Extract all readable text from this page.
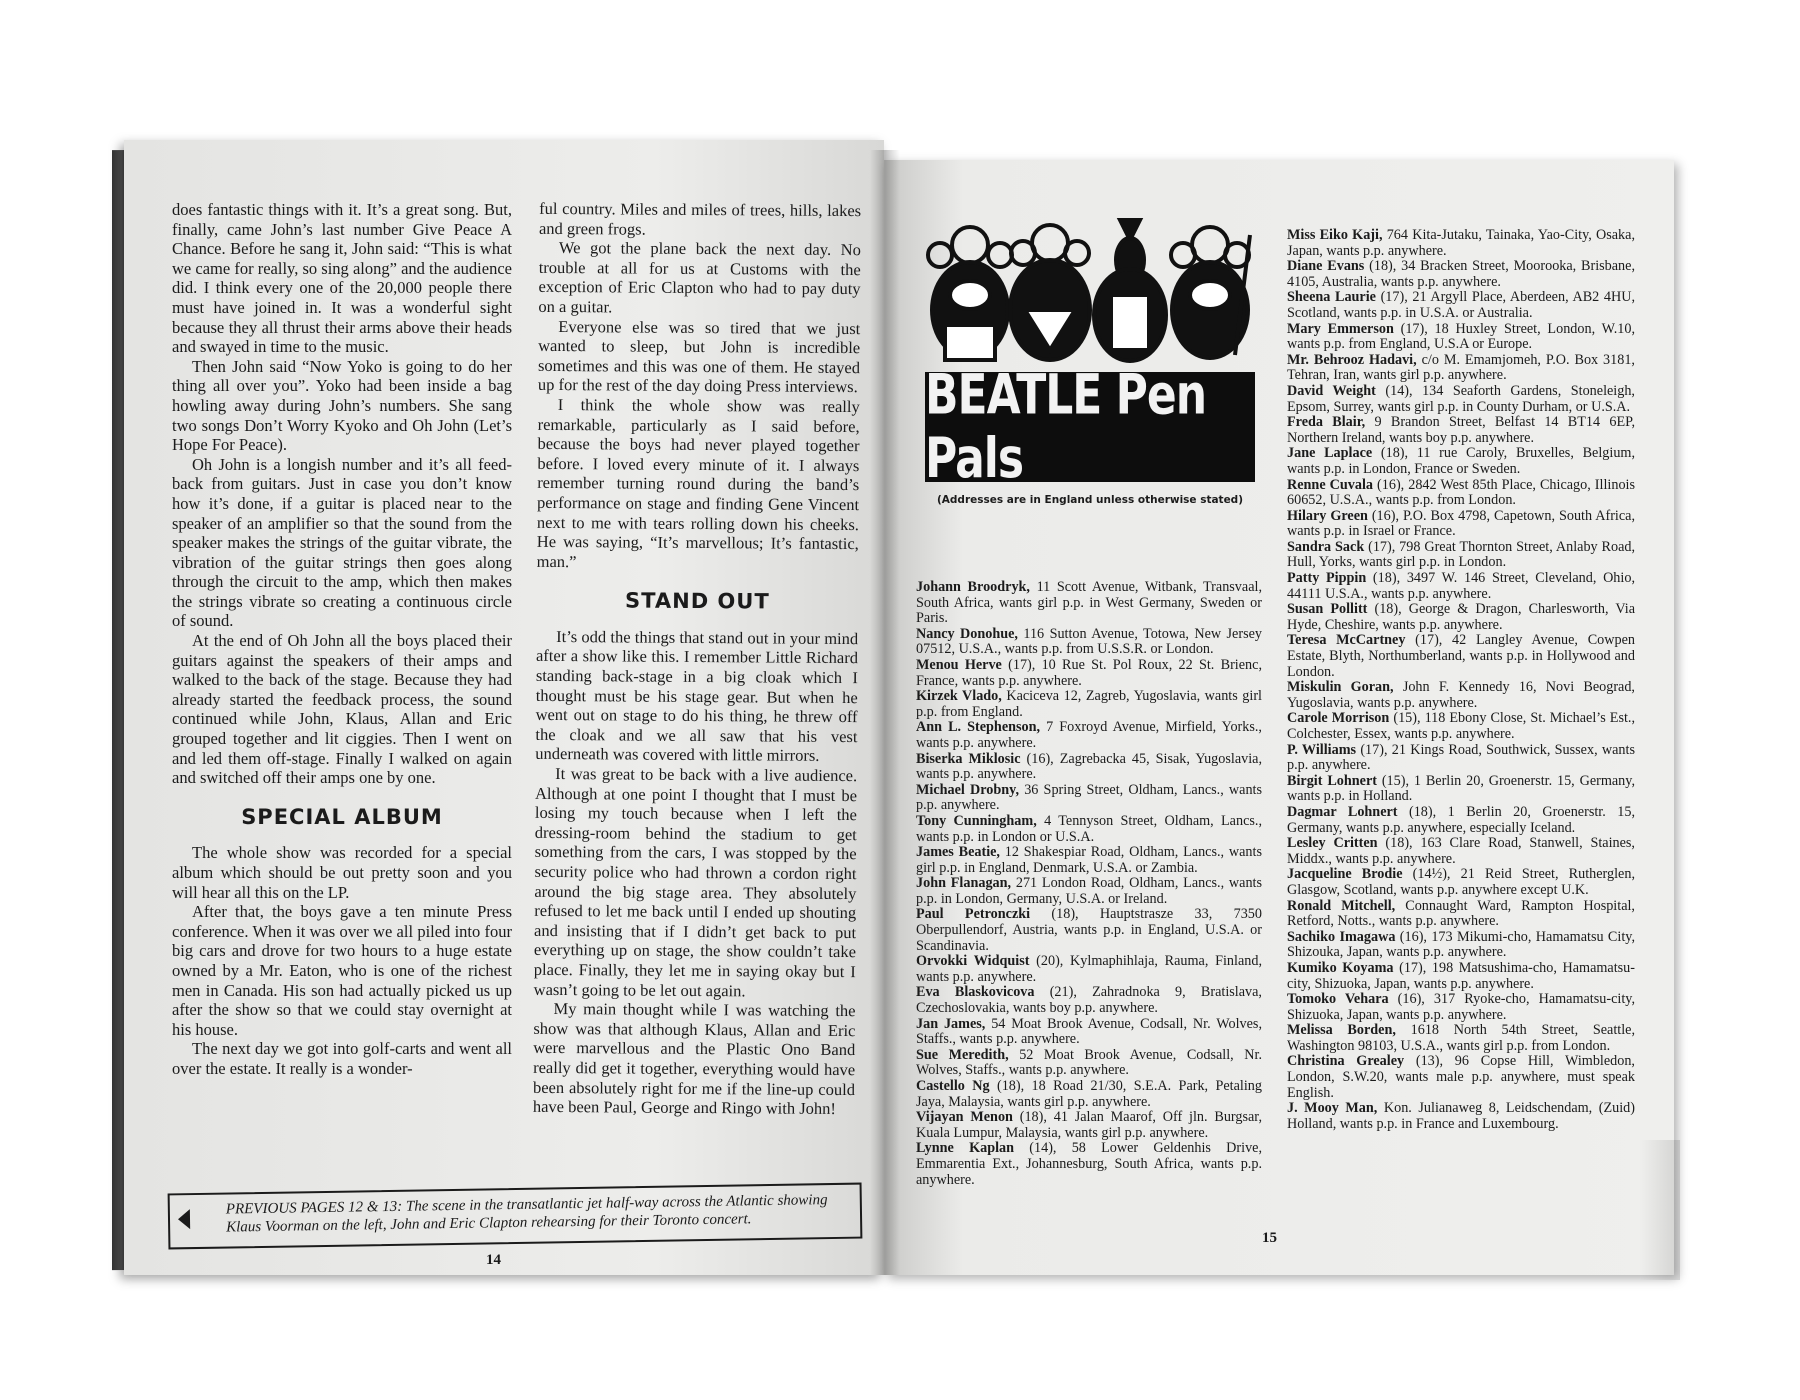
does fantastic things with it. It’s a great song. But, finally, came John’s last number Give Peace A Chance. Before he sang it, John said: “This is what we came for really, so sing along” and the audience did. I think every one of the 20,000 people there must have joined in. It was a wonderful sight because they all thrust their arms above their heads and swayed in time to the music.

Then John said “Now Yoko is going to do her thing all over you”. Yoko had been inside a bag howling away during John’s numbers. She sang two songs Don’t Worry Kyoko and Oh John (Let’s Hope For Peace).

Oh John is a longish number and it’s all feed-back from guitars. Just in case you don’t know how it’s done, if a guitar is placed near to the speaker of an amplifier so that the sound from the speaker makes the strings of the guitar vibrate, the vibration of the guitar strings then goes along through the circuit to the amp, which then makes the strings vibrate so creating a continuous circle of sound.

At the end of Oh John all the boys placed their guitars against the speakers of their amps and walked to the back of the stage. Because they had already started the feedback process, the sound continued while John, Klaus, Allan and Eric grouped together and lit ciggies. Then I went on and led them off-stage. Finally I walked on again and switched off their amps one by one.

SPECIAL ALBUM

The whole show was recorded for a special album which should be out pretty soon and you will hear all this on the LP.

After that, the boys gave a ten minute Press conference. When it was over we all piled into four big cars and drove for two hours to a huge estate owned by a Mr. Eaton, who is one of the richest men in Canada. His son had actually picked us up after the show so that we could stay overnight at his house.

The next day we got into golf-carts and went all over the estate. It really is a wonder-

ful country. Miles and miles of trees, hills, lakes and green frogs.

We got the plane back the next day. No trouble at all for us at Customs with the exception of Eric Clapton who had to pay duty on a guitar.

Everyone else was so tired that we just wanted to sleep, but John is incredible sometimes and this was one of them. He stayed up for the rest of the day doing Press interviews.

I think the whole show was really remarkable, particularly as I said before, because the boys had never played together before. I loved every minute of it. I always remember turning round during the band’s performance on stage and finding Gene Vincent next to me with tears rolling down his cheeks. He was saying, “It’s marvellous; It’s fantastic, man.”

STAND OUT

It’s odd the things that stand out in your mind after a show like this. I remember Little Richard standing back-stage in a big cloak which I thought must be his stage gear. But when he went out on stage to do his thing, he threw off the cloak and we all saw that his vest underneath was covered with little mirrors.

It was great to be back with a live audience. Although at one point I thought that I must be losing my touch because when I left the dressing-room behind the stadium to get something from the cars, I was stopped by the security police who had thrown a cordon right around the big stage area. They absolutely refused to let me back until I ended up shouting and insisting that if I didn’t get back to put everything up on stage, the show couldn’t take place. Finally, they let me in saying okay but I wasn’t going to be let out again.

My main thought while I was watching the show was that although Klaus, Allan and Eric were marvellous and the Plastic Ono Band really did get it together, everything would have been absolutely right for me if the line-up could have been Paul, George and Ringo with John!

PREVIOUS PAGES 12 & 13: The scene in the transatlantic jet half-way across the Atlantic showing Klaus Voorman on the left, John and Eric Clapton rehearsing for their Toronto concert.
14
BEATLE Pen Pals
(Addresses are in England unless otherwise stated)

Johann Broodryk, 11 Scott Avenue, Witbank, Transvaal, South Africa, wants girl p.p. in West Germany, Sweden or Paris.

Nancy Donohue, 116 Sutton Avenue, Totowa, New Jersey 07512, U.S.A., wants p.p. from U.S.S.R. or London.

Menou Herve (17), 10 Rue St. Pol Roux, 22 St. Brienc, France, wants p.p. anywhere.

Kirzek Vlado, Kaciceva 12, Zagreb, Yugoslavia, wants girl p.p. from England.

Ann L. Stephenson, 7 Foxroyd Avenue, Mirfield, Yorks., wants p.p. anywhere.

Biserka Miklosic (16), Zagrebacka 45, Sisak, Yugoslavia, wants p.p. anywhere.

Michael Drobny, 36 Spring Street, Oldham, Lancs., wants p.p. anywhere.

Tony Cunningham, 4 Tennyson Street, Oldham, Lancs., wants p.p. in London or U.S.A.

James Beatie, 12 Shakespiar Road, Oldham, Lancs., wants girl p.p. in England, Denmark, U.S.A. or Zambia.

John Flanagan, 271 London Road, Oldham, Lancs., wants p.p. in London, Germany, U.S.A. or Ireland.

Paul Petronczki (18), Hauptstrasze 33, 7350 Oberpullendorf, Austria, wants p.p. in England, U.S.A. or Scandinavia.

Orvokki Widquist (20), Kylmaphihlaja, Rauma, Finland, wants p.p. anywhere.

Eva Blaskovicova (21), Zahradnoka 9, Bratislava, Czechoslovakia, wants boy p.p. anywhere.

Jan James, 54 Moat Brook Avenue, Codsall, Nr. Wolves, Staffs., wants p.p. anywhere.

Sue Meredith, 52 Moat Brook Avenue, Codsall, Nr. Wolves, Staffs., wants p.p. anywhere.

Castello Ng (18), 18 Road 21/30, S.E.A. Park, Petaling Jaya, Malaysia, wants girl p.p. anywhere.

Vijayan Menon (18), 41 Jalan Maarof, Off jln. Burgsar, Kuala Lumpur, Malaysia, wants girl p.p. anywhere.

Lynne Kaplan (14), 58 Lower Geldenhis Drive, Emmarentia Ext., Johannesburg, South Africa, wants p.p. anywhere.

Miss Eiko Kaji, 764 Kita-Jutaku, Tainaka, Yao-City, Osaka, Japan, wants p.p. anywhere.

Diane Evans (18), 34 Bracken Street, Moorooka, Brisbane, 4105, Australia, wants p.p. anywhere.

Sheena Laurie (17), 21 Argyll Place, Aberdeen, AB2 4HU, Scotland, wants p.p. in U.S.A. or Australia.

Mary Emmerson (17), 18 Huxley Street, London, W.10, wants p.p. from England, U.S.A or Europe.

Mr. Behrooz Hadavi, c/o M. Emamjomeh, P.O. Box 3181, Tehran, Iran, wants girl p.p. anywhere.

David Weight (14), 134 Seaforth Gardens, Stoneleigh, Epsom, Surrey, wants girl p.p. in County Durham, or U.S.A.

Freda Blair, 9 Brandon Street, Belfast 14 BT14 6EP, Northern Ireland, wants boy p.p. anywhere.

Jane Laplace (18), 11 rue Caroly, Bruxelles, Belgium, wants p.p. in London, France or Sweden.

Renne Cuvala (16), 2842 West 85th Place, Chicago, Illinois 60652, U.S.A., wants p.p. from London.

Hilary Green (16), P.O. Box 4798, Capetown, South Africa, wants p.p. in Israel or France.

Sandra Sack (17), 798 Great Thornton Street, Anlaby Road, Hull, Yorks, wants girl p.p. in London.

Patty Pippin (18), 3497 W. 146 Street, Cleveland, Ohio, 44111 U.S.A., wants p.p. anywhere.

Susan Pollitt (18), George & Dragon, Charlesworth, Via Hyde, Cheshire, wants p.p. anywhere.

Teresa McCartney (17), 42 Langley Avenue, Cowpen Estate, Blyth, Northumberland, wants p.p. in Hollywood and London.

Miskulin Goran, John F. Kennedy 16, Novi Beograd, Yugoslavia, wants p.p. anywhere.

Carole Morrison (15), 118 Ebony Close, St. Michael’s Est., Colchester, Essex, wants p.p. anywhere.

P. Williams (17), 21 Kings Road, Southwick, Sussex, wants p.p. anywhere.

Birgit Lohnert (15), 1 Berlin 20, Groenerstr. 15, Germany, wants p.p. in Holland.

Dagmar Lohnert (18), 1 Berlin 20, Groenerstr. 15, Germany, wants p.p. anywhere, especially Iceland.

Lesley Critten (18), 163 Clare Road, Stanwell, Staines, Middx., wants p.p. anywhere.

Jacqueline Brodie (14½), 21 Reid Street, Rutherglen, Glasgow, Scotland, wants p.p. anywhere except U.K.

Ronald Mitchell, Connaught Ward, Rampton Hospital, Retford, Notts., wants p.p. anywhere.

Sachiko Imagawa (16), 173 Mikumi-cho, Hamamatsu City, Shizouka, Japan, wants p.p. anywhere.

Kumiko Koyama (17), 198 Matsushima-cho, Hamamatsu-city, Shizuoka, Japan, wants p.p. anywhere.

Tomoko Vehara (16), 317 Ryoke-cho, Hamamatsu-city, Shizuoka, Japan, wants p.p. anywhere.

Melissa Borden, 1618 North 54th Street, Seattle, Washington 98103, U.S.A., wants girl p.p. from London.

Christina Grealey (13), 96 Copse Hill, Wimbledon, London, S.W.20, wants male p.p. anywhere, must speak English.

J. Mooy Man, Kon. Julianaweg 8, Leidschendam, (Zuid) Holland, wants p.p. in France and Luxembourg.

15
